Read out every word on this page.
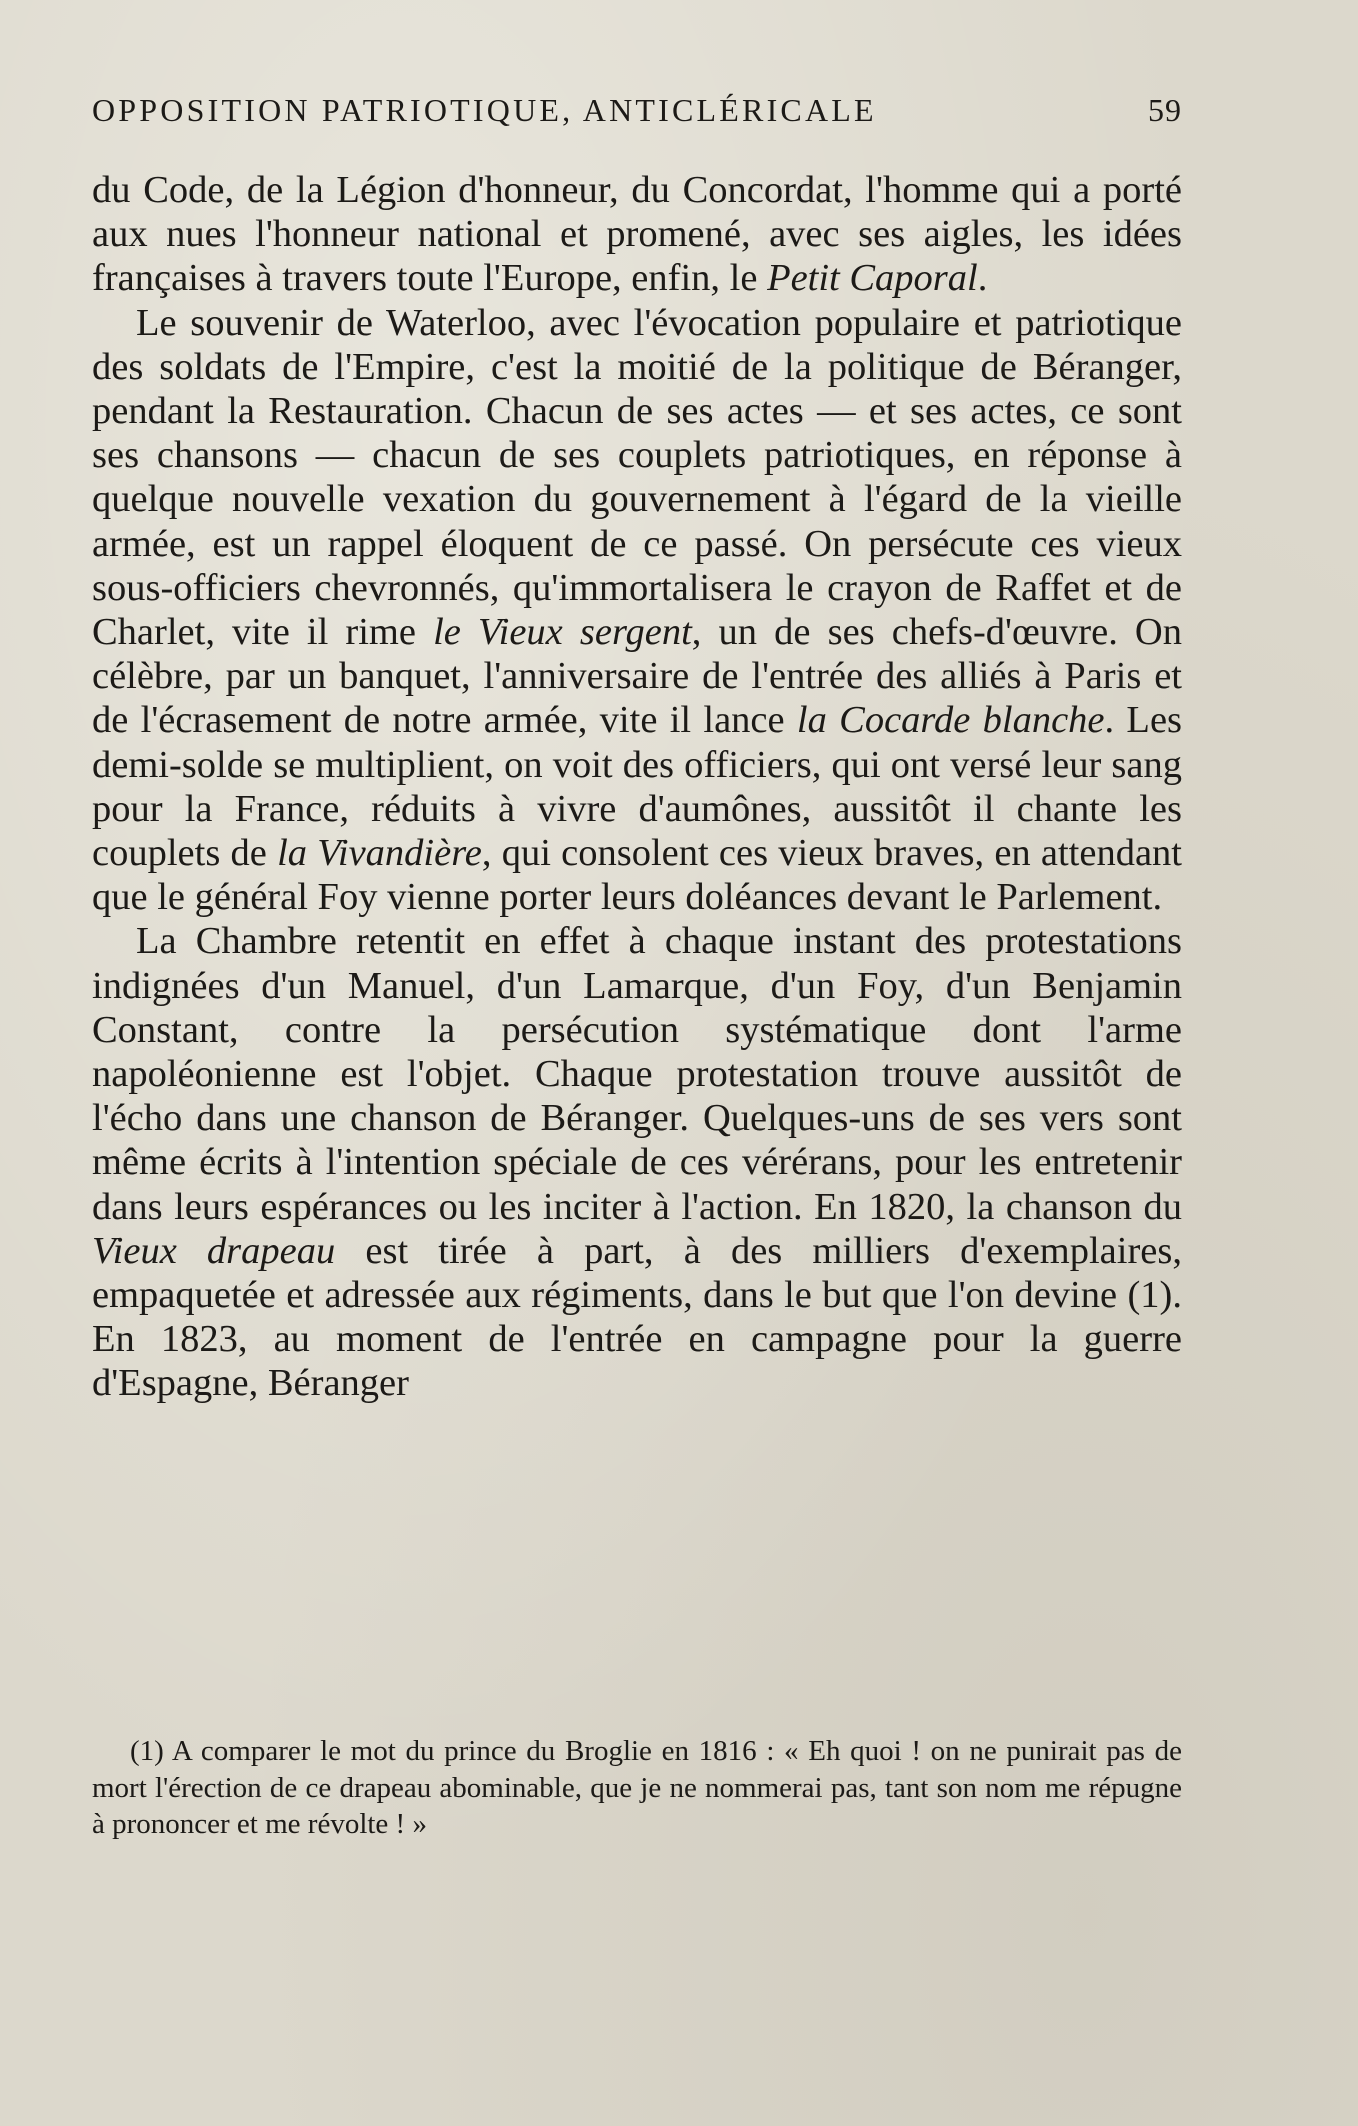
OPPOSITION PATRIOTIQUE, ANTICLÉRICALE	59

du Code, de la Légion d'honneur, du Concordat, l'homme qui a porté aux nues l'honneur national et promené, avec ses aigles, les idées françaises à travers toute l'Europe, enfin, le Petit Caporal.

Le souvenir de Waterloo, avec l'évocation populaire et patriotique des soldats de l'Empire, c'est la moitié de la politique de Béranger, pendant la Restauration. Chacun de ses actes — et ses actes, ce sont ses chansons — chacun de ses couplets patriotiques, en réponse à quelque nouvelle vexation du gouvernement à l'égard de la vieille armée, est un rappel éloquent de ce passé. On persécute ces vieux sous-officiers chevronnés, qu'immortalisera le crayon de Raffet et de Charlet, vite il rime le Vieux sergent, un de ses chefs-d'œuvre. On célèbre, par un banquet, l'anniversaire de l'entrée des alliés à Paris et de l'écrasement de notre armée, vite il lance la Cocarde blanche. Les demi-solde se multiplient, on voit des officiers, qui ont versé leur sang pour la France, réduits à vivre d'aumônes, aussitôt il chante les couplets de la Vivandière, qui consolent ces vieux braves, en attendant que le général Foy vienne porter leurs doléances devant le Parlement.

La Chambre retentit en effet à chaque instant des protestations indignées d'un Manuel, d'un Lamarque, d'un Foy, d'un Benjamin Constant, contre la persécution systématique dont l'arme napoléonienne est l'objet. Chaque protestation trouve aussitôt de l'écho dans une chanson de Béranger. Quelques-uns de ses vers sont même écrits à l'intention spéciale de ces vérérans, pour les entretenir dans leurs espérances ou les inciter à l'action. En 1820, la chanson du Vieux drapeau est tirée à part, à des milliers d'exemplaires, empaquetée et adressée aux régiments, dans le but que l'on devine (1). En 1823, au moment de l'entrée en campagne pour la guerre d'Espagne, Béranger

(1) A comparer le mot du prince du Broglie en 1816 : « Eh quoi ! on ne punirait pas de mort l'érection de ce drapeau abominable, que je ne nommerai pas, tant son nom me répugne à prononcer et me révolte ! »
